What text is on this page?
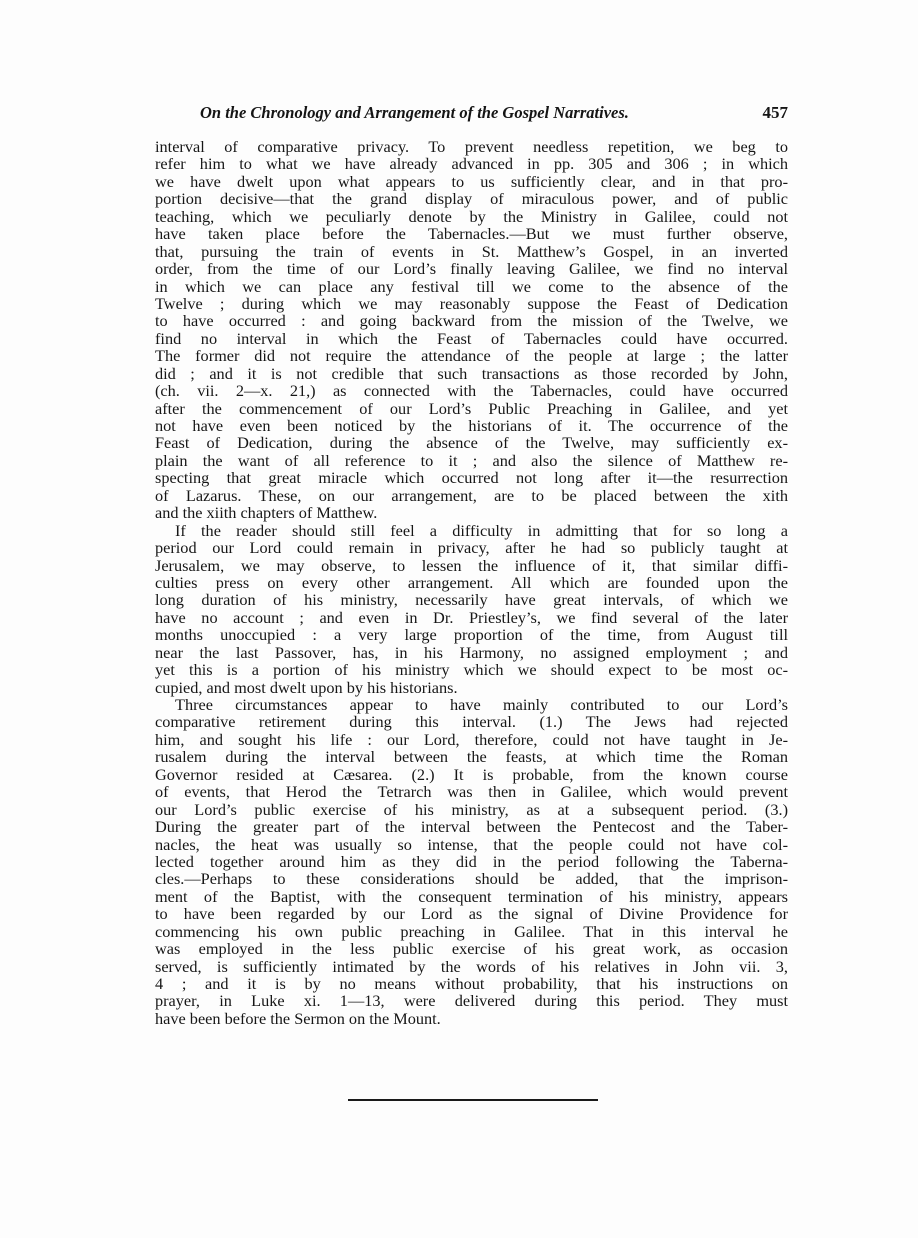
On the Chronology and Arrangement of the Gospel Narratives.	457
interval of comparative privacy. To prevent needless repetition, we beg to
refer him to what we have already advanced in pp. 305 and 306 ; in which
we have dwelt upon what appears to us sufficiently clear, and in that pro-
portion decisive—that the grand display of miraculous power, and of public
teaching, which we peculiarly denote by the Ministry in Galilee, could not
have taken place before the Tabernacles.—But we must further observe,
that, pursuing the train of events in St. Matthew’s Gospel, in an inverted
order, from the time of our Lord’s finally leaving Galilee, we find no interval
in which we can place any festival till we come to the absence of the
Twelve ; during which we may reasonably suppose the Feast of Dedication
to have occurred : and going backward from the mission of the Twelve, we
find no interval in which the Feast of Tabernacles could have occurred.
The former did not require the attendance of the people at large ; the latter
did ; and it is not credible that such transactions as those recorded by John,
(ch. vii. 2—x. 21,) as connected with the Tabernacles, could have occurred
after the commencement of our Lord’s Public Preaching in Galilee, and yet
not have even been noticed by the historians of it. The occurrence of the
Feast of Dedication, during the absence of the Twelve, may sufficiently ex-
plain the want of all reference to it ; and also the silence of Matthew re-
specting that great miracle which occurred not long after it—the resurrection
of Lazarus. These, on our arrangement, are to be placed between the xith
and the xiith chapters of Matthew.
If the reader should still feel a difficulty in admitting that for so long a
period our Lord could remain in privacy, after he had so publicly taught at
Jerusalem, we may observe, to lessen the influence of it, that similar diffi-
culties press on every other arrangement. All which are founded upon the
long duration of his ministry, necessarily have great intervals, of which we
have no account ; and even in Dr. Priestley’s, we find several of the later
months unoccupied : a very large proportion of the time, from August till
near the last Passover, has, in his Harmony, no assigned employment ; and
yet this is a portion of his ministry which we should expect to be most oc-
cupied, and most dwelt upon by his historians.
Three circumstances appear to have mainly contributed to our Lord’s
comparative retirement during this interval. (1.) The Jews had rejected
him, and sought his life : our Lord, therefore, could not have taught in Je-
rusalem during the interval between the feasts, at which time the Roman
Governor resided at Cæsarea. (2.) It is probable, from the known course
of events, that Herod the Tetrarch was then in Galilee, which would prevent
our Lord’s public exercise of his ministry, as at a subsequent period. (3.)
During the greater part of the interval between the Pentecost and the Taber-
nacles, the heat was usually so intense, that the people could not have col-
lected together around him as they did in the period following the Taberna-
cles.—Perhaps to these considerations should be added, that the imprison-
ment of the Baptist, with the consequent termination of his ministry, appears
to have been regarded by our Lord as the signal of Divine Providence for
commencing his own public preaching in Galilee. That in this interval he
was employed in the less public exercise of his great work, as occasion
served, is sufficiently intimated by the words of his relatives in John vii. 3,
4 ; and it is by no means without probability, that his instructions on
prayer, in Luke xi. 1—13, were delivered during this period. They must
have been before the Sermon on the Mount.
